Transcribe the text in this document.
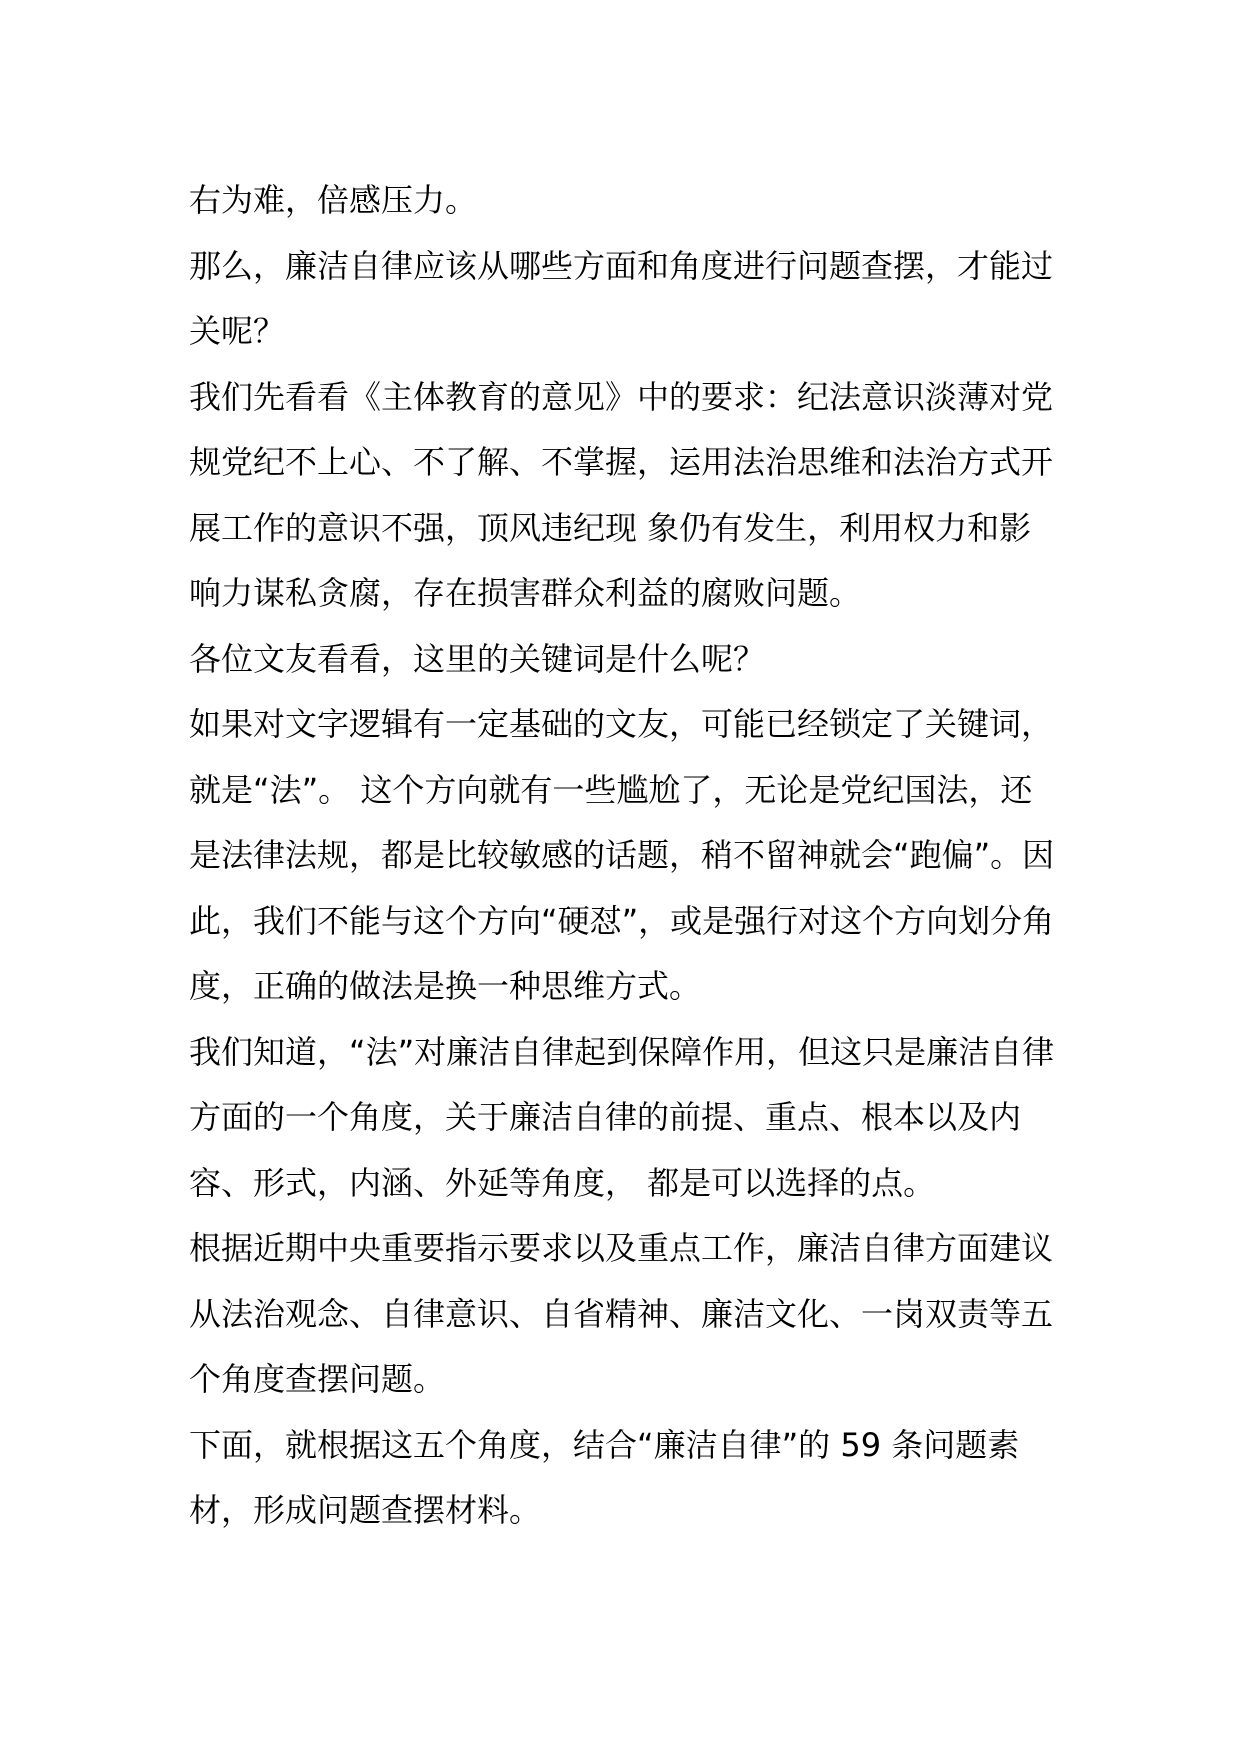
右为难，倍感压力。

那么，廉洁自律应该从哪些方面和角度进行问题查摆，才能过关呢？

我们先看看《主体教育的意见》中的要求：纪法意识淡薄对党规党纪不上心、不了解、不掌握，运用法治思维和法治方式开展工作的意识不强，顶风违纪现 象仍有发生，利用权力和影响力谋私贪腐，存在损害群众利益的腐败问题。

各位文友看看，这里的关键词是什么呢？

如果对文字逻辑有一定基础的文友，可能已经锁定了关键词，就是“法”。 这个方向就有一些尴尬了，无论是党纪国法，还是法律法规，都是比较敏感的话题，稍不留神就会“跑偏”。因此，我们不能与这个方向“硬怼”，或是强行对这个方向划分角度，正确的做法是换一种思维方式。

我们知道，“法”对廉洁自律起到保障作用，但这只是廉洁自律方面的一个角度，关于廉洁自律的前提、重点、根本以及内容、形式，内涵、外延等角度， 都是可以选择的点。

根据近期中央重要指示要求以及重点工作，廉洁自律方面建议从法治观念、自律意识、自省精神、廉洁文化、一岗双责等五个角度查摆问题。

下面，就根据这五个角度，结合“廉洁自律”的 59 条问题素材，形成问题查摆材料。
